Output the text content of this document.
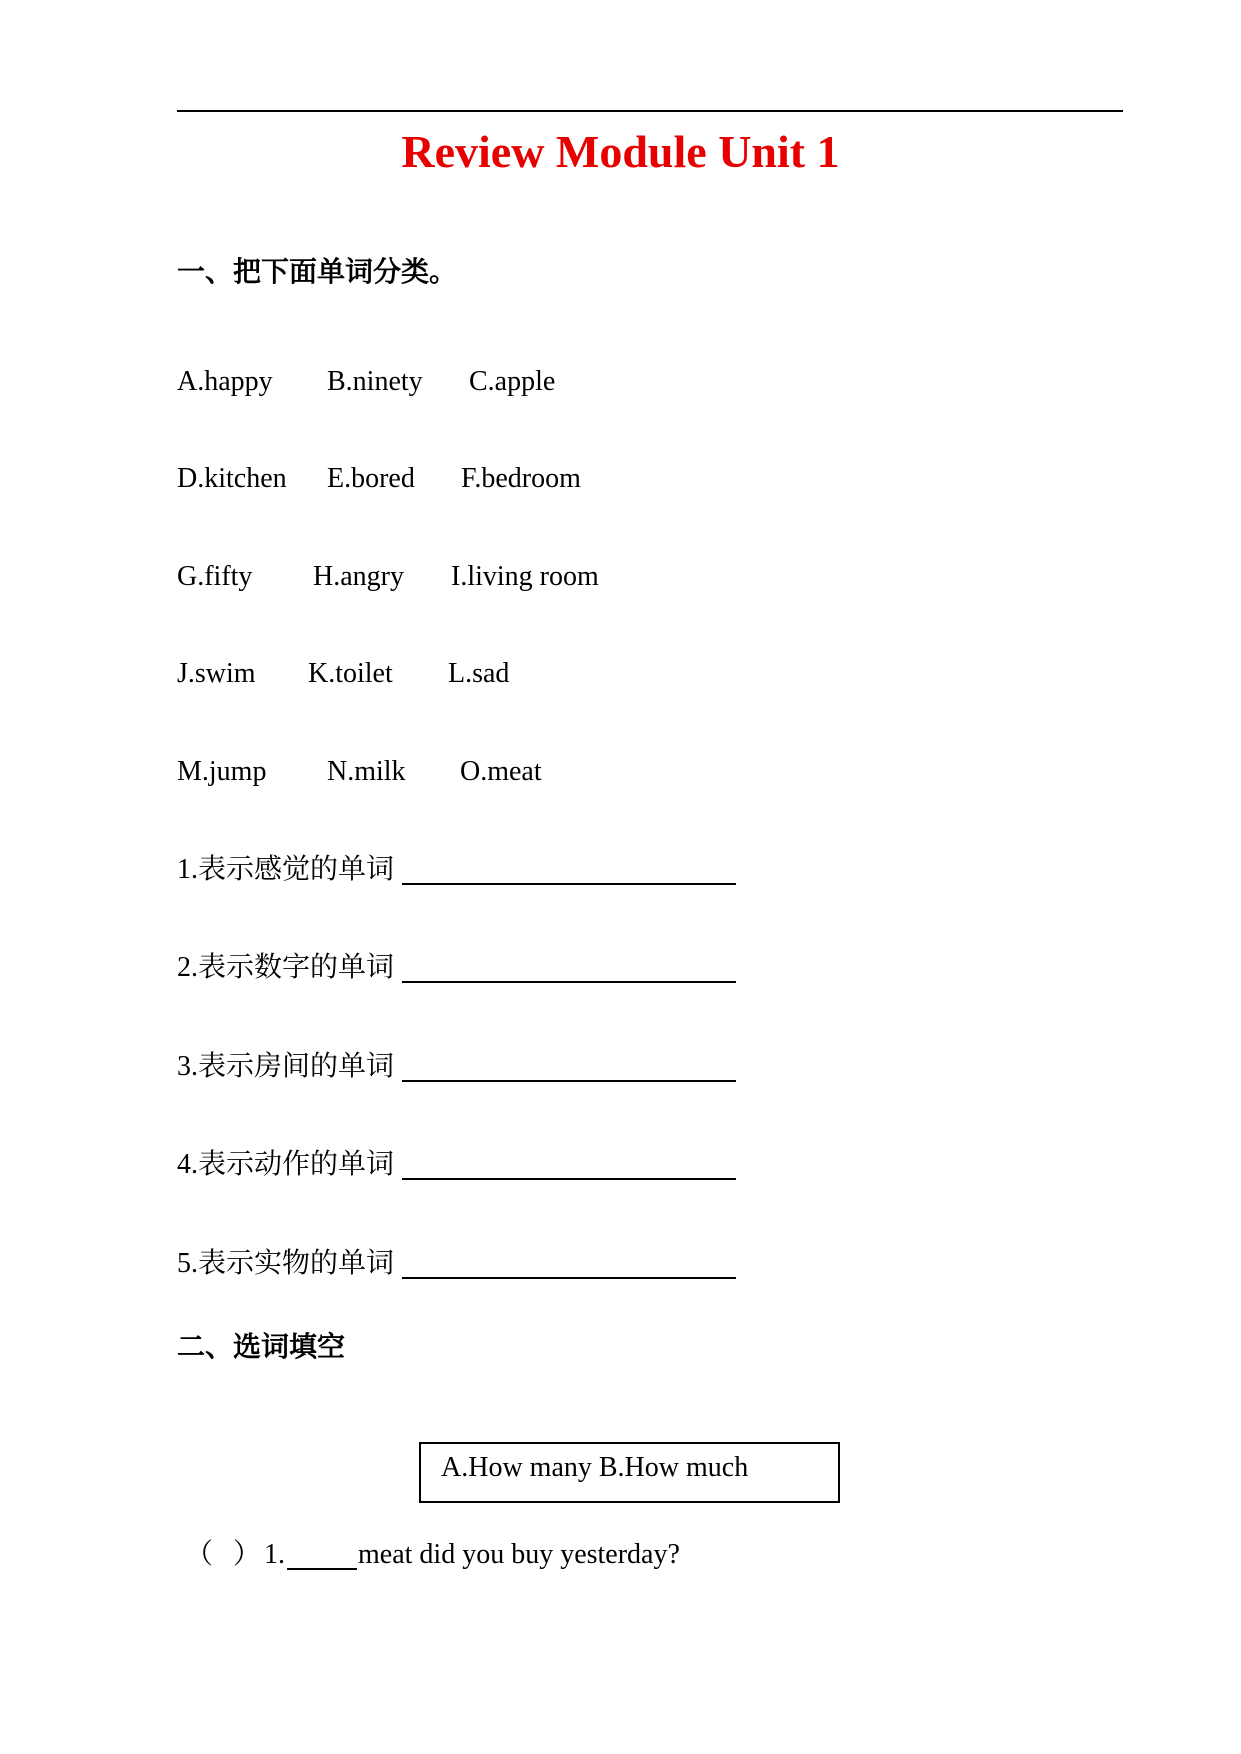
Review Module Unit 1
一、把下面单词分类。
A.happy B.ninety C.apple
D.kitchen E.bored F.bedroom
G.fifty H.angry I.living room
J.swim K.toilet L.sad
M.jump N.milk O.meat
1.表示感觉的单词
2.表示数字的单词
3.表示房间的单词
4.表示动作的单词
5.表示实物的单词
二、选词填空
A.How many B.How much
（ ） 1.	meat did you buy yesterday?
